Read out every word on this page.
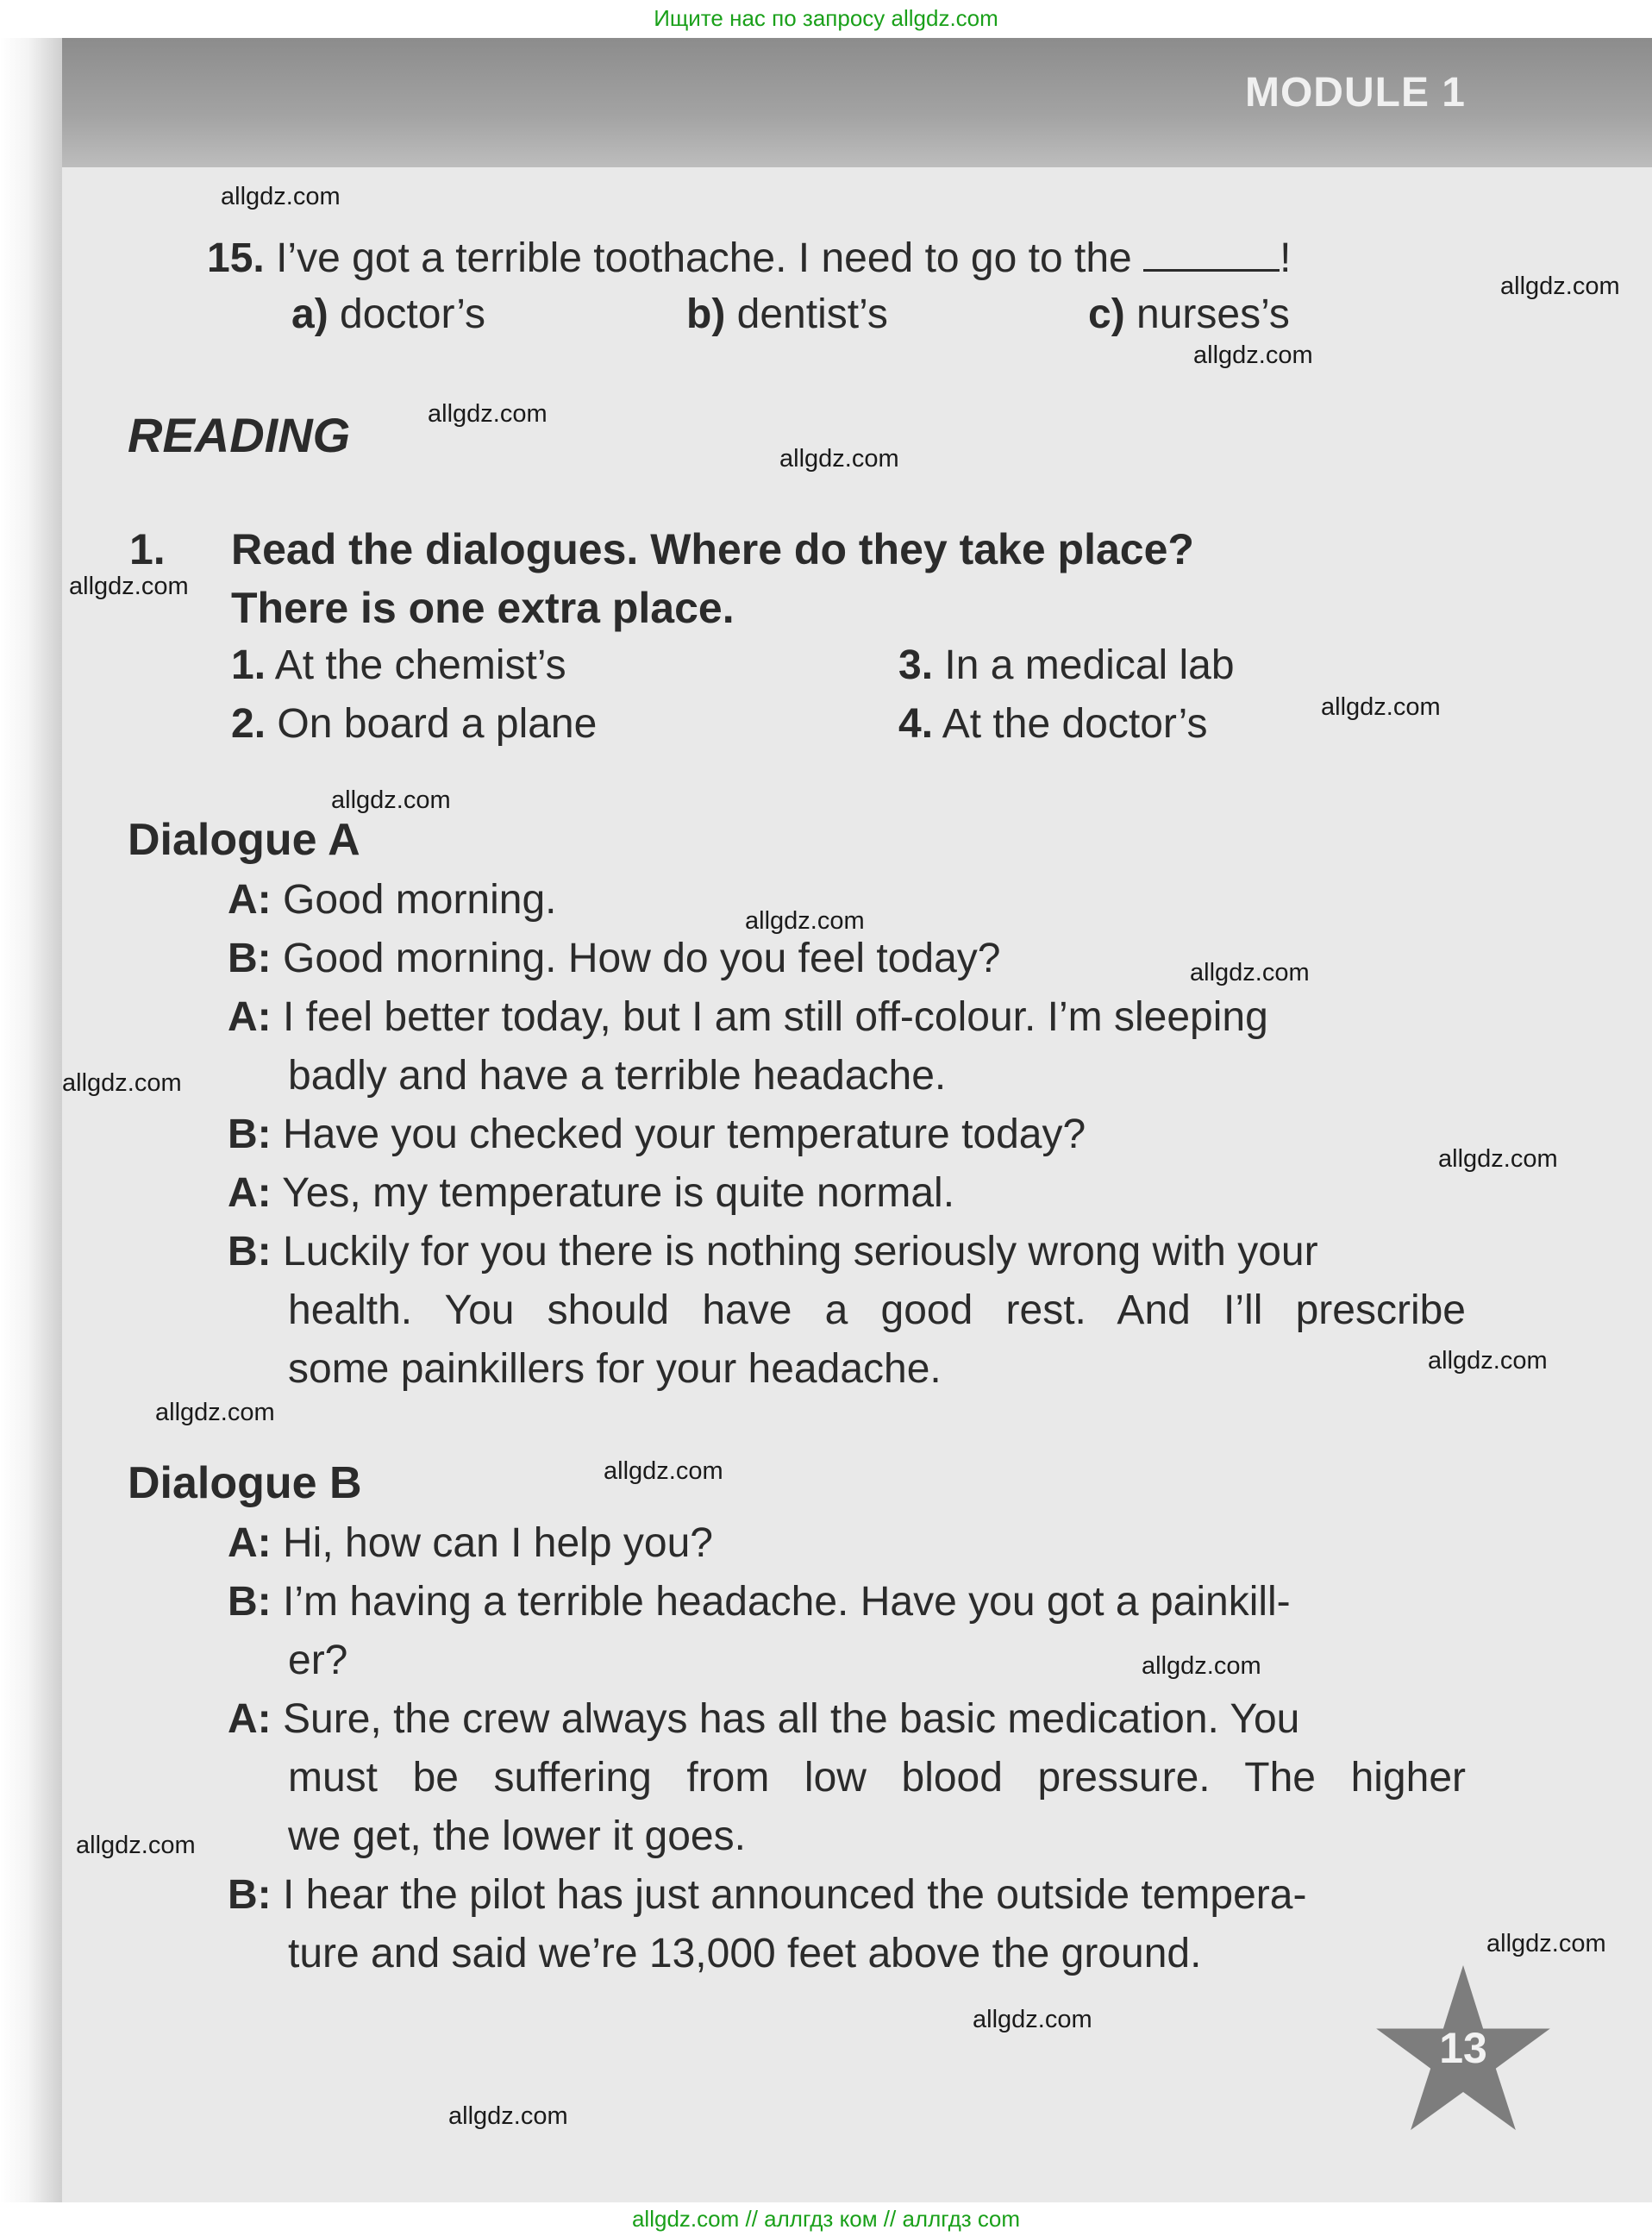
Ищите нас по запросу allgdz.com
MODULE 1
15. I’ve got a terrible toothache. I need to go to the	!
a) doctor’s	b) dentist’s	c) nurses’s
READING
1. Read the dialogues. Where do they take place?
There is one extra place.
1. At the chemist’s
2. On board a plane
3. In a medical lab
4. At the doctor’s
Dialogue A
A: Good morning.
B: Good morning. How do you feel today?
A: I feel better today, but I am still off-colour. I’m sleeping
badly and have a terrible headache.
B: Have you checked your temperature today?
A: Yes, my temperature is quite normal.
B: Luckily for you there is nothing seriously wrong with your
health. You should have a good rest. And I’ll prescribe
some painkillers for your headache.
Dialogue B
A: Hi, how can I help you?
B: I’m having a terrible headache. Have you got a painkill-
er?
A: Sure, the crew always has all the basic medication. You
must be suffering from low blood pressure. The higher
we get, the lower it goes.
B: I hear the pilot has just announced the outside tempera-
ture and said we’re 13,000 feet above the ground.
allgdz.com
allgdz.com
allgdz.com
allgdz.com
allgdz.com
allgdz.com
allgdz.com
allgdz.com
allgdz.com
allgdz.com
allgdz.com
allgdz.com
allgdz.com
allgdz.com
allgdz.com
allgdz.com
allgdz.com
allgdz.com
allgdz.com
allgdz.com
13
allgdz.com // аллгдз ком // аллгдз com
